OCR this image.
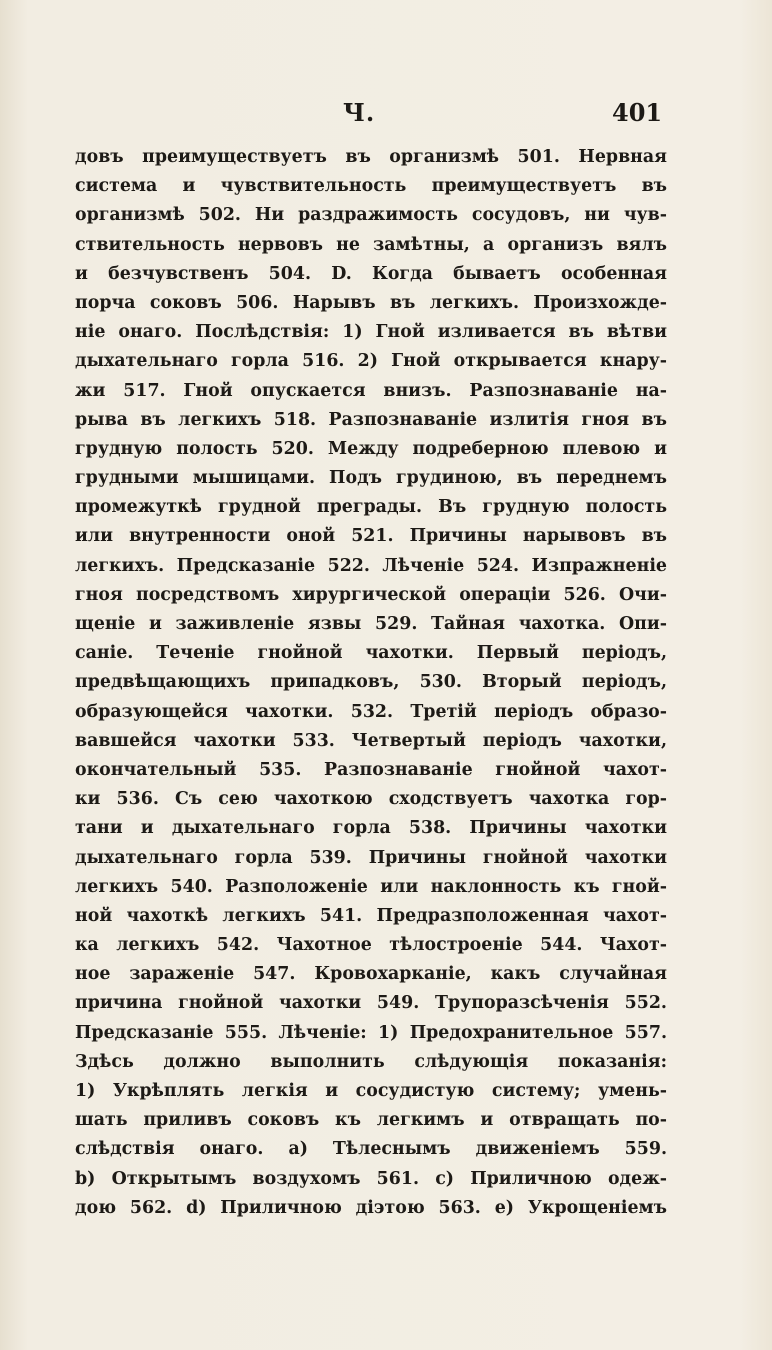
Ч.	401
довъ преимуществуетъ въ организмѣ 501. Нервная
система и чувствительность преимуществуетъ въ
организмѣ 502. Ни раздражимость сосудовъ, ни чув-
ствительность нервовъ не замѣтны, а организъ вялъ
и безчувственъ 504. D. Когда бываетъ особенная
порча соковъ 506. Нарывъ въ легкихъ. Произхожде-
ніе онаго. Послѣдствія: 1) Гной изливается въ вѣтви
дыхательнаго горла 516. 2) Гной открывается кнару-
жи 517. Гной опускается внизъ. Разпознаваніе на-
рыва въ легкихъ 518. Разпознаваніе излитія гноя въ
грудную полость 520. Между подреберною плевою и
грудными мышицами. Подъ грудиною, въ переднемъ
промежуткѣ грудной преграды. Въ грудную полость
или внутренности оной 521. Причины нарывовъ въ
легкихъ. Предсказаніе 522. Лѣченіе 524. Изпражненіе
гноя посредствомъ хирургической операціи 526. Очи-
щеніе и заживленіе язвы 529. Тайная чахотка. Опи-
саніе. Теченіе гнойной чахотки. Первый періодъ,
предвѣщающихъ припадковъ, 530. Вторый періодъ,
образующейся чахотки. 532. Третій періодъ образо-
вавшейся чахотки 533. Четвертый періодъ чахотки,
окончательный 535. Разпознаваніе гнойной чахот-
ки 536. Съ сею чахоткою сходствуетъ чахотка гор-
тани и дыхательнаго горла 538. Причины чахотки
дыхательнаго горла 539. Причины гнойной чахотки
легкихъ 540. Разположеніе или наклонность къ гной-
ной чахоткѣ легкихъ 541. Предразположенная чахот-
ка легкихъ 542. Чахотное тѣлостроеніе 544. Чахот-
ное зараженіе 547. Кровохарканіе, какъ случайная
причина гнойной чахотки 549. Трупоразсѣченія 552.
Предсказаніе 555. Лѣченіе: 1) Предохранительное 557.
Здѣсь должно выполнить слѣдующія показанія:
1) Укрѣплять легкія и сосудистую систему; умень-
шать приливъ соковъ къ легкимъ и отвращать по-
слѣдствія онаго. а) Тѣлеснымъ движеніемъ 559.
b) Открытымъ воздухомъ 561. с) Приличною одеж-
дою 562. d) Приличною діэтою 563. е) Укрощеніемъ
